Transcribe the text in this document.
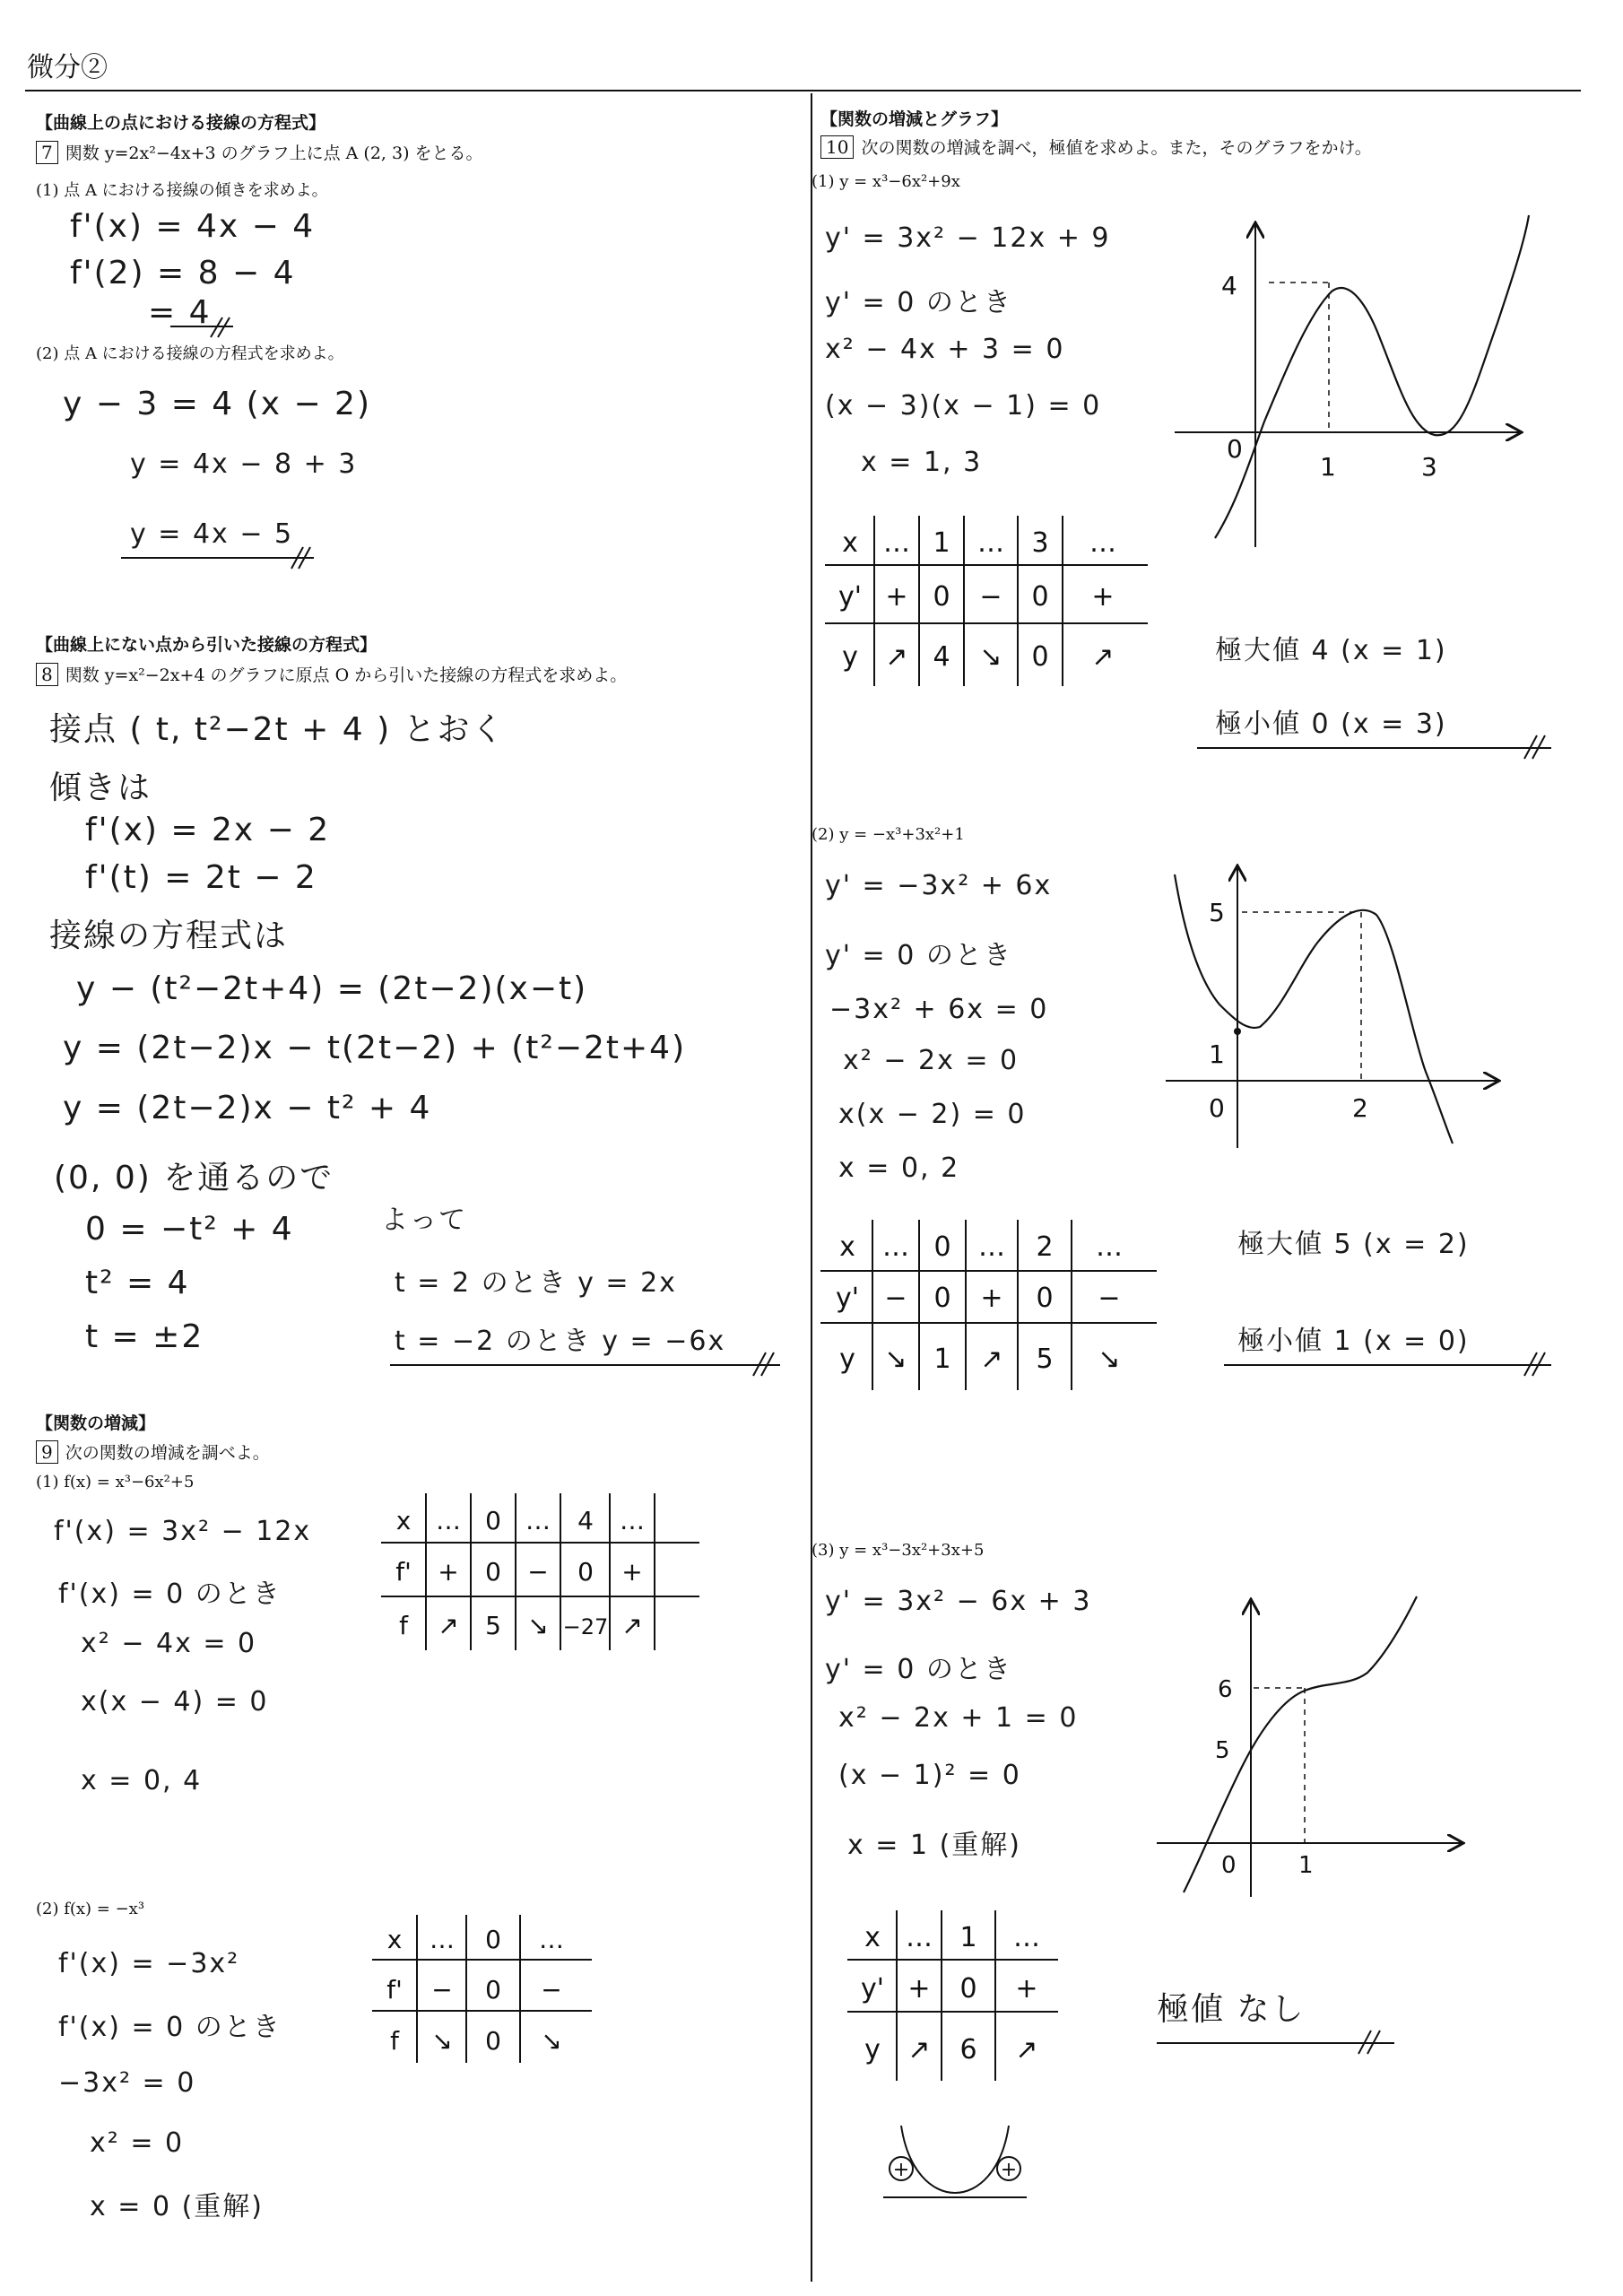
微分②
【曲線上の点における接線の方程式】
7 関数 y=2x²−4x+3 のグラフ上に点 A (2, 3) をとる。
(1) 点 A における接線の傾きを求めよ。
f'(x) = 4x − 4
f'(2) = 8 − 4
= 4
(2) 点 A における接線の方程式を求めよ。
y − 3 = 4 (x − 2)
y = 4x − 8 + 3
y = 4x − 5
【曲線上にない点から引いた接線の方程式】
8 関数 y=x²−2x+4 のグラフに原点 O から引いた接線の方程式を求めよ。
接点 ( t, t²−2t + 4 ) とおく
傾きは
f'(x) = 2x − 2
f'(t) = 2t − 2
接線の方程式は
y − (t²−2t+4) = (2t−2)(x−t)
y = (2t−2)x − t(2t−2) + (t²−2t+4)
y = (2t−2)x − t² + 4
(0, 0) を通るので
0 = −t² + 4
t² = 4
t = ±2
よって
t = 2 のとき y = 2x
t = −2 のとき y = −6x
【関数の増減】
9 次の関数の増減を調べよ。
(1) f(x) = x³−6x²+5
f'(x) = 3x² − 12x
f'(x) = 0 のとき
x² − 4x = 0
x(x − 4) = 0
x = 0, 4
x … 0 … 4 …
f' + 0 − 0 +
f ↗ 5 ↘ −27 ↗
(2) f(x) = −x³
f'(x) = −3x²
f'(x) = 0 のとき
−3x² = 0
x² = 0
x = 0 (重解)
x … 0 …
f' − 0 −
f ↘ 0 ↘
【関数の増減とグラフ】
10 次の関数の増減を調べ，極値を求めよ。また，そのグラフをかけ。
(1) y = x³−6x²+9x
y' = 3x² − 12x + 9
y' = 0 のとき
x² − 4x + 3 = 0
(x − 3)(x − 1) = 0
x = 1, 3
x … 1 … 3 …
y' + 0 − 0 +
y ↗ 4 ↘ 0 ↗
4
0
1	3
極大値 4 (x = 1)
極小値 0 (x = 3)
(2) y = −x³+3x²+1
y' = −3x² + 6x
y' = 0 のとき
−3x² + 6x = 0
x² − 2x = 0
x(x − 2) = 0
x = 0, 2
x … 0 … 2 …
y' − 0 + 0 −
y ↘ 1 ↗ 5 ↘
5
1
0	2
極大値 5 (x = 2)
極小値 1 (x = 0)
(3) y = x³−3x²+3x+5
y' = 3x² − 6x + 3
y' = 0 のとき
x² − 2x + 1 = 0
(x − 1)² = 0
x = 1 (重解)
x … 1 …
y' + 0 +
y ↗ 6 ↗
6
5
0	1
極値 なし
+	+
